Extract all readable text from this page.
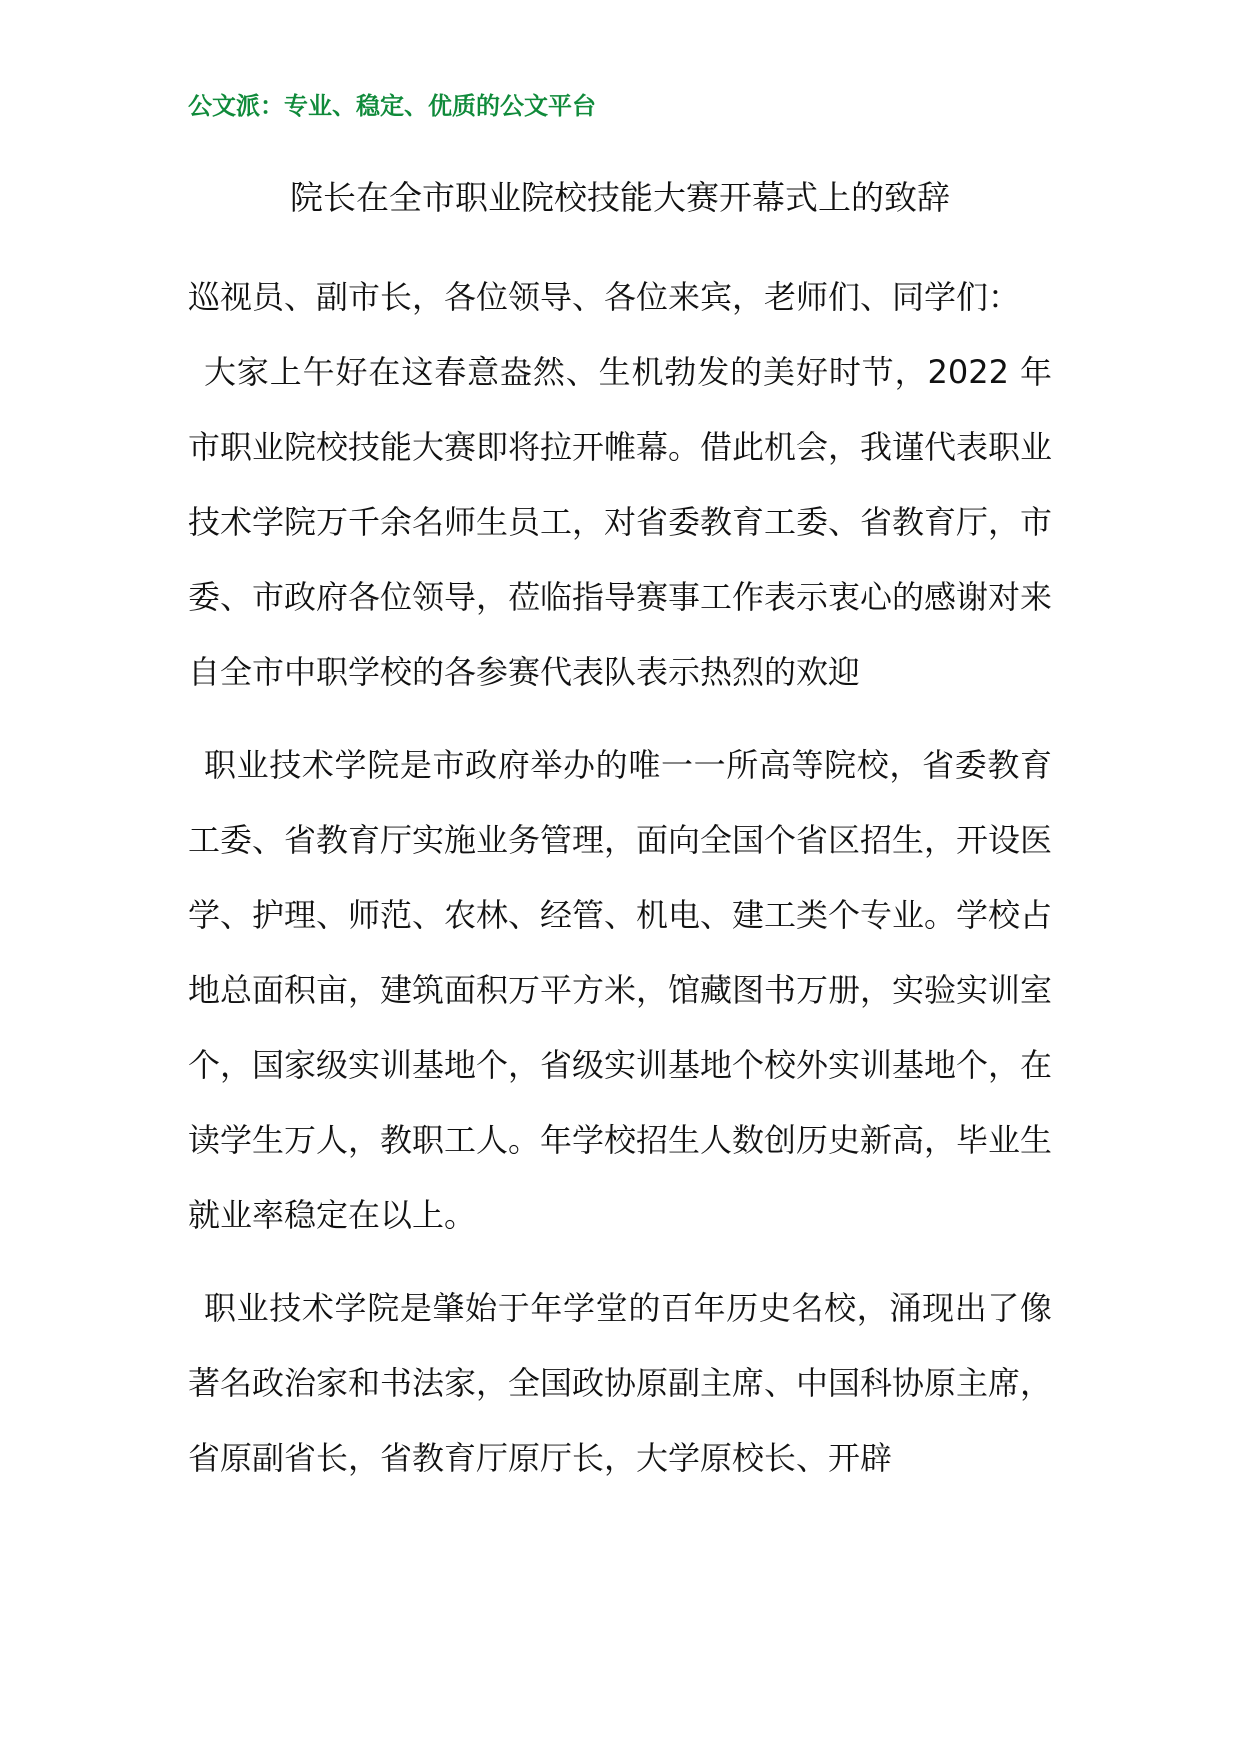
公文派：专业、稳定、优质的公文平台
院长在全市职业院校技能大赛开幕式上的致辞

巡视员、副市长，各位领导、各位来宾，老师们、同学们：

大家上午好在这春意盎然、生机勃发的美好时节，2022 年市职业院校技能大赛即将拉开帷幕。借此机会，我谨代表职业技术学院万千余名师生员工，对省委教育工委、省教育厅，市委、市政府各位领导，莅临指导赛事工作表示衷心的感谢对来自全市中职学校的各参赛代表队表示热烈的欢迎

职业技术学院是市政府举办的唯一一所高等院校，省委教育工委、省教育厅实施业务管理，面向全国个省区招生，开设医学、护理、师范、农林、经管、机电、建工类个专业。学校占地总面积亩，建筑面积万平方米，馆藏图书万册，实验实训室个，国家级实训基地个，省级实训基地个校外实训基地个，在读学生万人，教职工人。年学校招生人数创历史新高，毕业生就业率稳定在以上。

职业技术学院是肇始于年学堂的百年历史名校，涌现出了像著名政治家和书法家，全国政协原副主席、中国科协原主席，省原副省长，省教育厅原厅长，大学原校长、开辟
